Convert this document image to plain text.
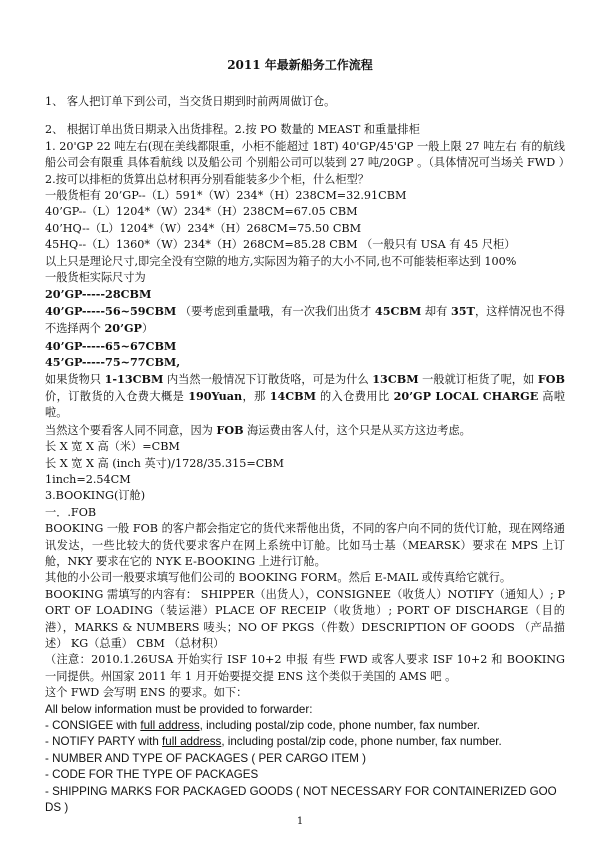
2011 年最新船务工作流程

1、 客人把订单下到公司，当交货日期到时前两周做订仓。

2、 根据订单出货日期录入出货排程。2.按 PO 数量的 MEAST 和重量排柜

1. 20'GP 22 吨左右(现在美线都限重，小柜不能超过 18T) 40'GP/45'GP 一般上限 27 吨左右 有的航线船公司会有限重 具体看航线 以及船公司 个别船公司可以装到 27 吨/20GP 。（具体情况可当场关 FWD ）

2.按可以排柜的货算出总材积再分别看能装多少个柜，什么柜型？

一般货柜有 20’GP--（L）591*（W）234*（H）238CM=32.91CBM

40’GP--（L）1204*（W）234*（H）238CM=67.05 CBM

40’HQ--（L）1204*（W）234*（H）268CM=75.50 CBM

45HQ--（L）1360*（W）234*（H）268CM=85.28 CBM （一般只有 USA 有 45 尺柜）

以上只是理论尺寸,即完全没有空隙的地方,实际因为箱子的大小不同,也不可能装柜率达到 100%

一般货柜实际尺寸为

20’GP-----28CBM

40’GP-----56~59CBM （要考虑到重量哦，有一次我们出货才 45CBM 却有 35T，这样情况也不得不选择两个 20’GP）

40’GP-----65~67CBM

45’GP-----75~77CBM,

如果货物只 1-13CBM 内当然一般情况下订散货咯，可是为什么 13CBM 一般就订柜货了呢，如 FOB 价，订散货的入仓费大概是 190Yuan，那 14CBM 的入仓费用比 20’GP LOCAL CHARGE 高啦啦。

当然这个要看客人同不同意，因为 FOB 海运费由客人付，这个只是从买方这边考虑。

长 X 宽 X 高（米）=CBM

长 X 宽 X 高 (inch 英寸)/1728/35.315=CBM

1inch=2.54CM

3.BOOKING(订舱)

一．.FOB

BOOKING 一般 FOB 的客户都会指定它的货代来帮他出货，不同的客户向不同的货代订舱，现在网络通讯发达，一些比较大的货代要求客户在网上系统中订舱。比如马士基（MEARSK）要求在 MPS 上订舱，NKY 要求在它的 NYK E-BOOKING 上进行订舱。

其他的小公司一般要求填写他们公司的 BOOKING FORM。然后 E-MAIL 或传真给它就行。

BOOKING 需填写的内容有： SHIPPER（出货人），CONSIGNEE（收货人）NOTIFY（通知人）; PORT OF LOADING（装运港）PLACE OF RECEIP（收货地）; PORT OF DISCHARGE（目的港），MARKS & NUMBERS 唛头；NO OF PKGS（件数）DESCRIPTION OF GOODS （产品描述） KG（总重） CBM （总材积）

（注意：2010.1.26USA 开始实行 ISF 10+2 申报 有些 FWD 或客人要求 ISF 10+2 和 BOOKING 一同提供。州国家 2011 年 1 月开始要提交提 ENS 这个类似于美国的 AMS 吧 。

这个 FWD 会写明 ENS 的要求。如下：

All below information must be provided to forwarder:

- CONSIGEE with full address, including postal/zip code, phone number, fax number.

- NOTIFY PARTY with full address, including postal/zip code, phone number, fax number.

- NUMBER AND TYPE OF PACKAGES ( PER CARGO ITEM )

- CODE FOR THE TYPE OF PACKAGES

- SHIPPING MARKS FOR PACKAGED GOODS ( NOT NECESSARY FOR CONTAINERIZED GOODS )

1
